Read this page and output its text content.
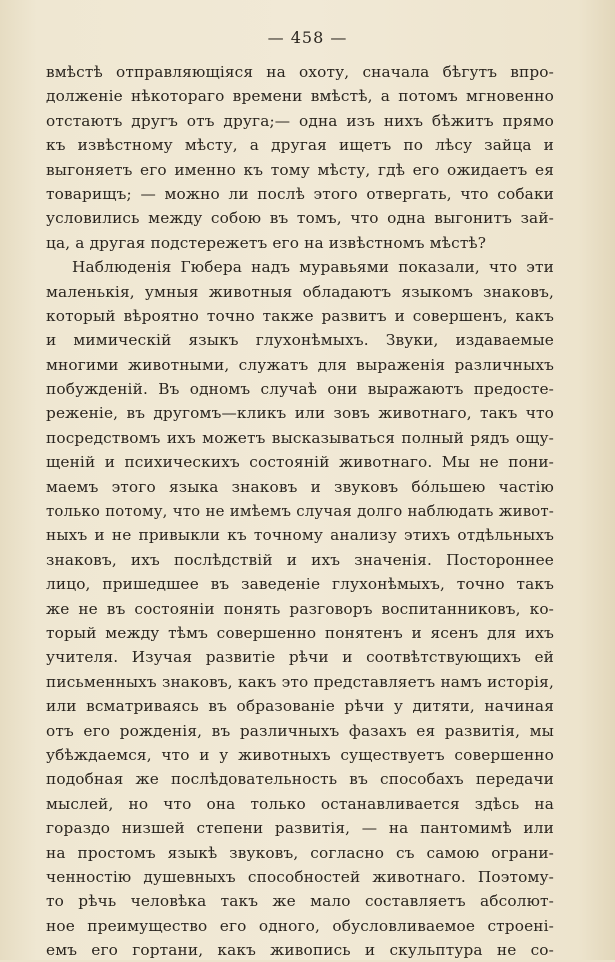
— 458 —
вмѣстѣ отправляющіяся на охоту, сначала бѣгутъ впро-
долженіе нѣкотораго времени вмѣстѣ, а потомъ мгновенно
отстаютъ другъ отъ друга;— одна изъ нихъ бѣжитъ прямо
къ извѣстному мѣсту, а другая ищетъ по лѣсу зайца и
выгоняетъ его именно къ тому мѣсту, гдѣ его ожидаетъ ея
товарищъ; — можно ли послѣ этого отвергать, что собаки
условились между собою въ томъ, что одна выгонитъ зай-
ца, а другая подстережетъ его на извѣстномъ мѣстѣ?
Наблюденія Гюбера надъ муравьями показали, что эти
маленькія, умныя животныя обладаютъ языкомъ знаковъ,
который вѣроятно точно также развитъ и совершенъ, какъ
и мимическій языкъ глухонѣмыхъ. Звуки, издаваемые
многими животными, служатъ для выраженія различныхъ
побужденій. Въ одномъ случаѣ они выражаютъ предосте-
реженіе, въ другомъ—кликъ или зовъ животнаго, такъ что
посредствомъ ихъ можетъ высказываться полный рядъ ощу-
щеній и психическихъ состояній животнаго. Мы не пони-
маемъ этого языка знаковъ и звуковъ бо́льшею частію
только потому, что не имѣемъ случая долго наблюдать живот-
ныхъ и не привыкли къ точному анализу этихъ отдѣльныхъ
знаковъ, ихъ послѣдствій и ихъ значенія. Постороннее
лицо, пришедшее въ заведеніе глухонѣмыхъ, точно такъ
же не въ состояніи понять разговоръ воспитанниковъ, ко-
торый между тѣмъ совершенно понятенъ и ясенъ для ихъ
учителя. Изучая развитіе рѣчи и соотвѣтствующихъ ей
письменныхъ знаковъ, какъ это представляетъ намъ исторія,
или всматриваясь въ образованіе рѣчи у дитяти, начиная
отъ его рожденія, въ различныхъ фазахъ ея развитія, мы
убѣждаемся, что и у животныхъ существуетъ совершенно
подобная же послѣдовательность въ способахъ передачи
мыслей, но что она только останавливается здѣсь на
гораздо низшей степени развитія, — на пантомимѣ или
на простомъ языкѣ звуковъ, согласно съ самою ограни-
ченностію душевныхъ способностей животнаго. Поэтому-
то рѣчь человѣка такъ же мало составляетъ абсолют-
ное преимущество его одного, обусловливаемое строені-
емъ его гортани, какъ живопись и скульптура не со-
